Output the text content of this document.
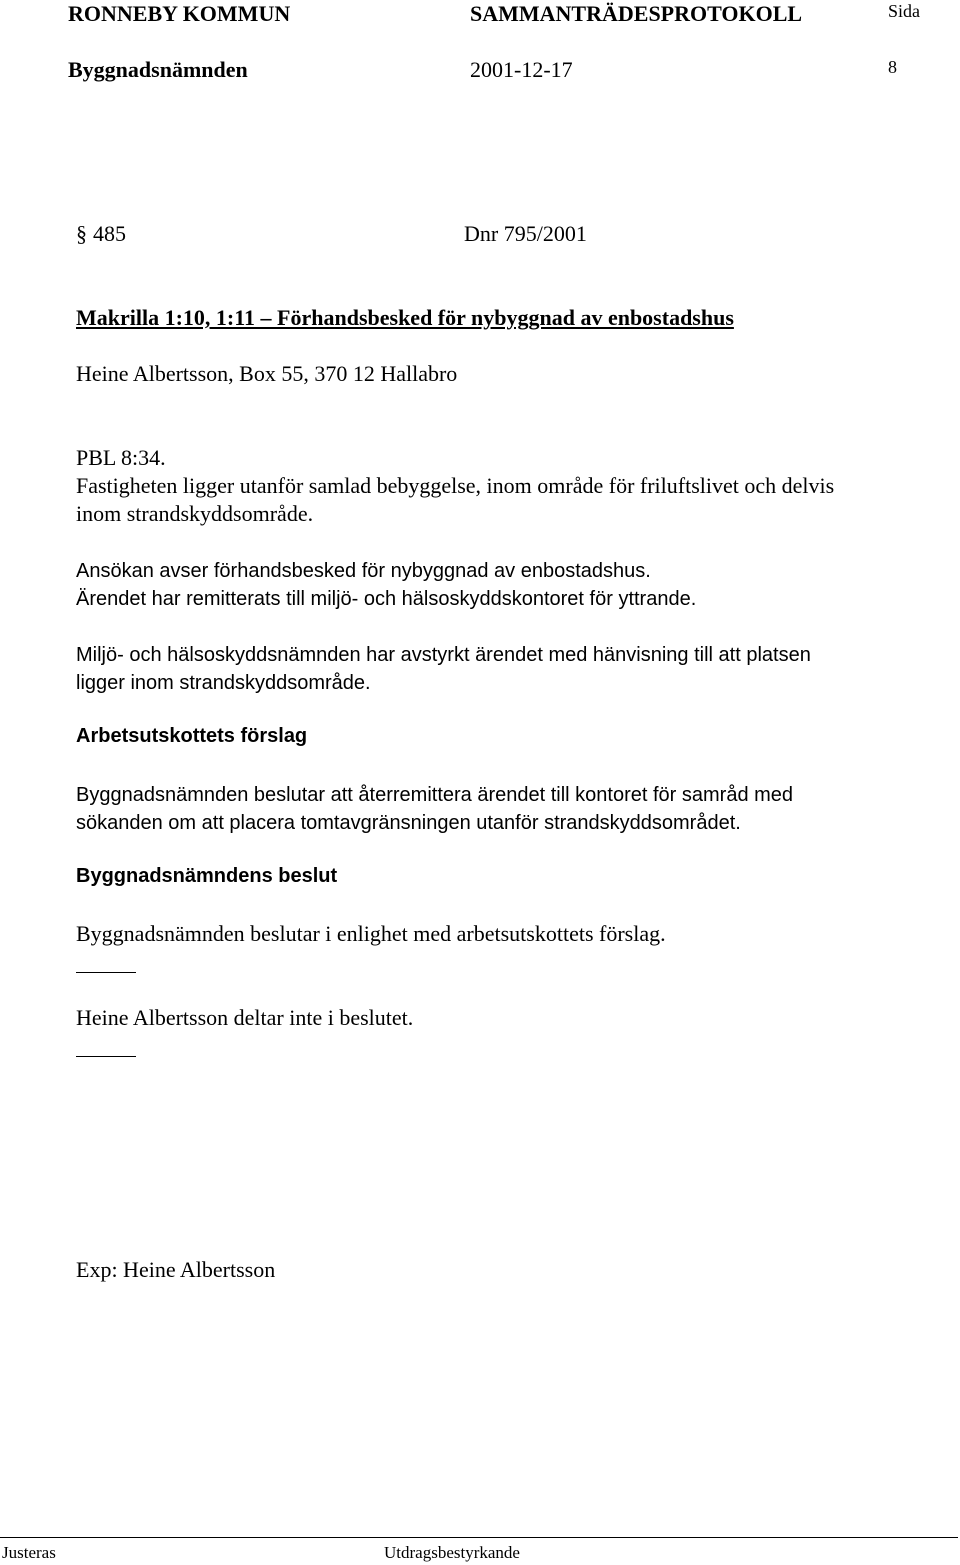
RONNEBY KOMMUN	SAMMANTRÄDESPROTOKOLL	Sida
Byggnadsnämnden	2001-12-17	8
§ 485	Dnr 795/2001
Makrilla 1:10, 1:11 – Förhandsbesked för nybyggnad av enbostadshus
Heine Albertsson, Box 55, 370 12 Hallabro
PBL 8:34.
Fastigheten ligger utanför samlad bebyggelse, inom område för friluftslivet och delvis
inom strandskyddsområde.
Ansökan avser förhandsbesked för nybyggnad av enbostadshus.
Ärendet har remitterats till miljö- och hälsoskyddskontoret för yttrande.
Miljö- och hälsoskyddsnämnden har avstyrkt ärendet med hänvisning till att platsen
ligger inom strandskyddsområde.
Arbetsutskottets förslag
Byggnadsnämnden beslutar att återremittera ärendet till kontoret för samråd med
sökanden om att placera tomtavgränsningen utanför strandskyddsområdet.
Byggnadsnämndens beslut
Byggnadsnämnden beslutar i enlighet med arbetsutskottets förslag.
Heine Albertsson deltar inte i beslutet.
Exp: Heine Albertsson
Justeras	Utdragsbestyrkande
